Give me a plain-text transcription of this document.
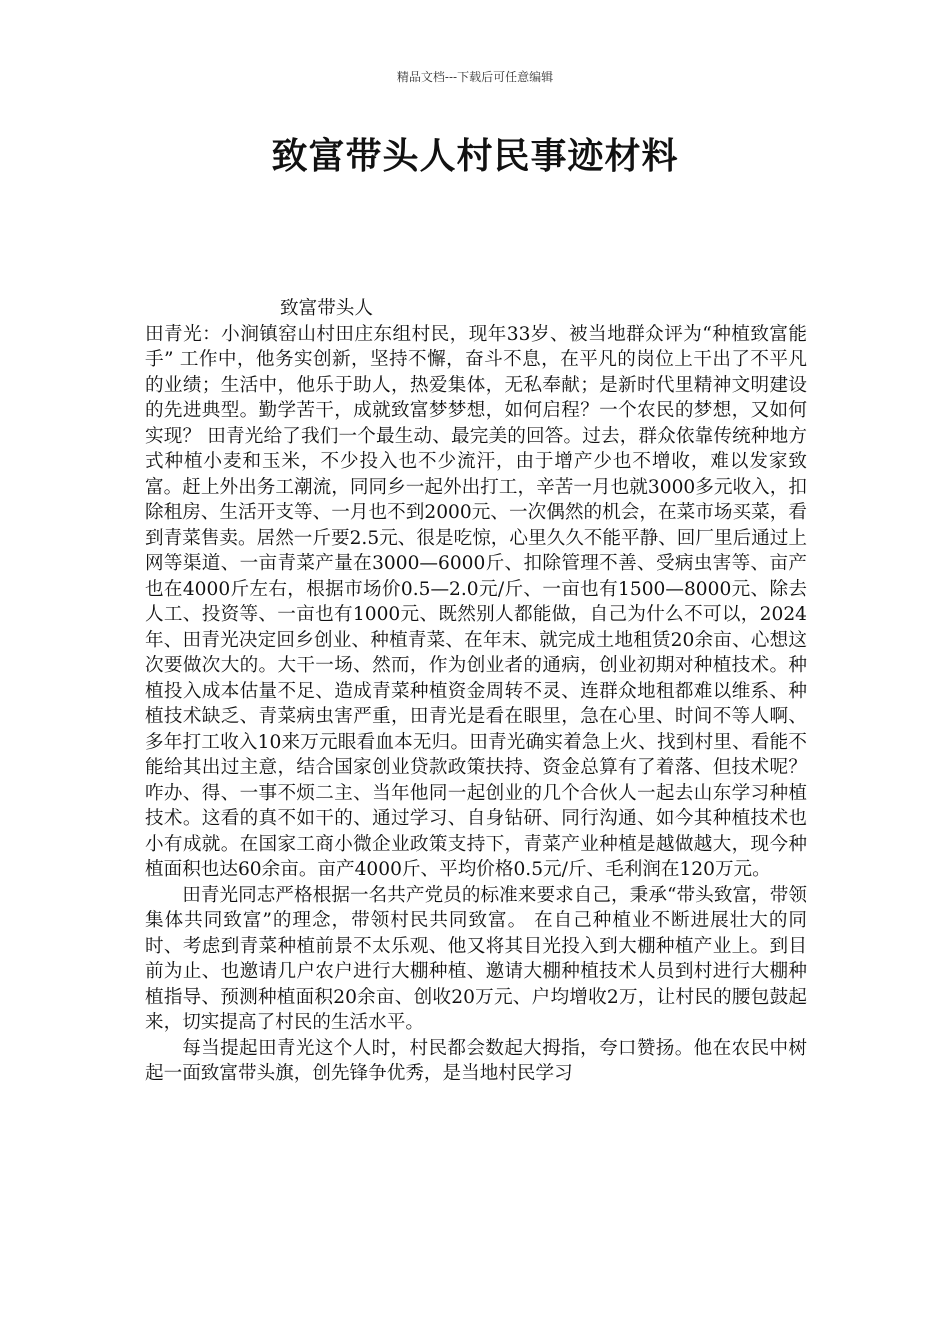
精品文档---下载后可任意编辑
致富带头人村民事迹材料

致富带头人

田青光：小涧镇窑山村田庄东组村民，现年33岁、被当地群众评为“种植致富能手” 工作中，他务实创新，坚持不懈，奋斗不息，在平凡的岗位上干出了不平凡的业绩；生活中，他乐于助人，热爱集体，无私奉献；是新时代里精神文明建设的先进典型。勤学苦干，成就致富梦梦想，如何启程？一个农民的梦想，又如何实现？ 田青光给了我们一个最生动、最完美的回答。过去，群众依靠传统种地方式种植小麦和玉米，不少投入也不少流汗，由于增产少也不增收，难以发家致富。赶上外出务工潮流，同同乡一起外出打工，辛苦一月也就3000多元收入，扣除租房、生活开支等、一月也不到2000元、一次偶然的机会，在菜市场买菜，看到青菜售卖。居然一斤要2.5元、很是吃惊，心里久久不能平静、回厂里后通过上网等渠道、一亩青菜产量在3000—6000斤、扣除管理不善、受病虫害等、亩产也在4000斤左右，根据市场价0.5—2.0元/斤、一亩也有1500—8000元、除去人工、投资等、一亩也有1000元、既然别人都能做，自己为什么不可以，2024年、田青光决定回乡创业、种植青菜、在年末、就完成土地租赁20余亩、心想这次要做次大的。大干一场、然而，作为创业者的通病，创业初期对种植技术。种植投入成本估量不足、造成青菜种植资金周转不灵、连群众地租都难以维系、种植技术缺乏、青菜病虫害严重，田青光是看在眼里，急在心里、时间不等人啊、多年打工收入10来万元眼看血本无归。田青光确实着急上火、找到村里、看能不能给其出过主意，结合国家创业贷款政策扶持、资金总算有了着落、但技术呢？咋办、得、一事不烦二主、当年他同一起创业的几个合伙人一起去山东学习种植技术。这看的真不如干的、通过学习、自身钻研、同行沟通、如今其种植技术也小有成就。在国家工商小微企业政策支持下，青菜产业种植是越做越大，现今种植面积也达60余亩。亩产4000斤、平均价格0.5元/斤、毛利润在120万元。

田青光同志严格根据一名共产党员的标准来要求自己，秉承“带头致富，带领集体共同致富”的理念，带领村民共同致富。 在自己种植业不断进展壮大的同时、考虑到青菜种植前景不太乐观、他又将其目光投入到大棚种植产业上。到目前为止、也邀请几户农户进行大棚种植、邀请大棚种植技术人员到村进行大棚种植指导、预测种植面积20余亩、创收20万元、户均增收2万，让村民的腰包鼓起来，切实提高了村民的生活水平。

每当提起田青光这个人时，村民都会数起大拇指，夸口赞扬。他在农民中树起一面致富带头旗，创先锋争优秀，是当地村民学习
